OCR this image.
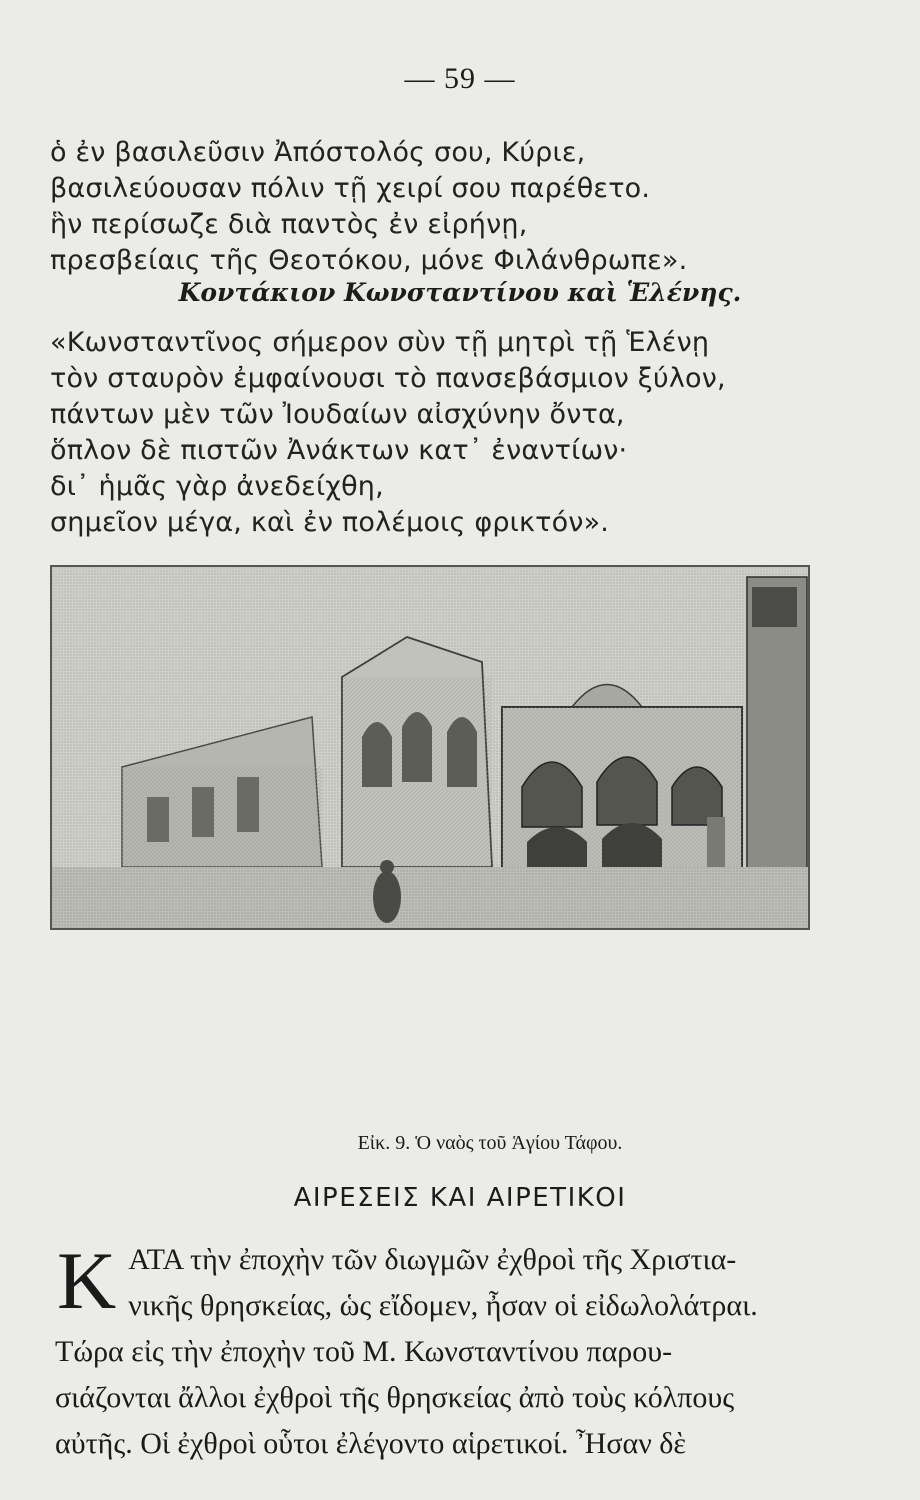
— 59 —
ὁ ἐν βασιλεῦσιν Ἀπόστολός σου, Κύριε,
βασιλεύουσαν πόλιν τῇ χειρί σου παρέθετο.
ἣν περίσωζε διὰ παντὸς ἐν εἰρήνῃ,
πρεσβείαις τῆς Θεοτόκου, μόνε Φιλάνθρωπε».
Κοντάκιον Κωνσταντίνου καὶ Ἑλένης.
«Κωνσταντῖνος σήμερον σὺν τῇ μητρὶ τῇ Ἑλένῃ
τὸν σταυρὸν ἐμφαίνουσι τὸ πανσεβάσμιον ξύλον,
πάντων μὲν τῶν Ἰουδαίων αἰσχύνην ὄντα,
ὅπλον δὲ πιστῶν Ἀνάκτων κατ᾽ ἐναντίων·
δι᾽ ἡμᾶς γὰρ ἀνεδείχθη,
σημεῖον μέγα, καὶ ἐν πολέμοις φρικτόν».
Εἰκ. 9. Ὁ ναὸς τοῦ Ἁγίου Τάφου.
ΑΙΡΕΣΕΙΣ ΚΑΙ ΑΙΡΕΤΙΚΟΙ
Κ ΑΤΑ τὴν ἐποχὴν τῶν διωγμῶν ἐχθροὶ τῆς Χριστια-
νικῆς θρησκείας, ὡς εἴδομεν, ἦσαν οἱ εἰδωλολάτραι.
Τώρα εἰς τὴν ἐποχὴν τοῦ Μ. Κωνσταντίνου παρου-
σιάζονται ἄλλοι ἐχθροὶ τῆς θρησκείας ἀπὸ τοὺς κόλπους
αὐτῆς. Οἱ ἐχθροὶ οὗτοι ἐλέγοντο αἱρετικοί. Ἦσαν δὲ
